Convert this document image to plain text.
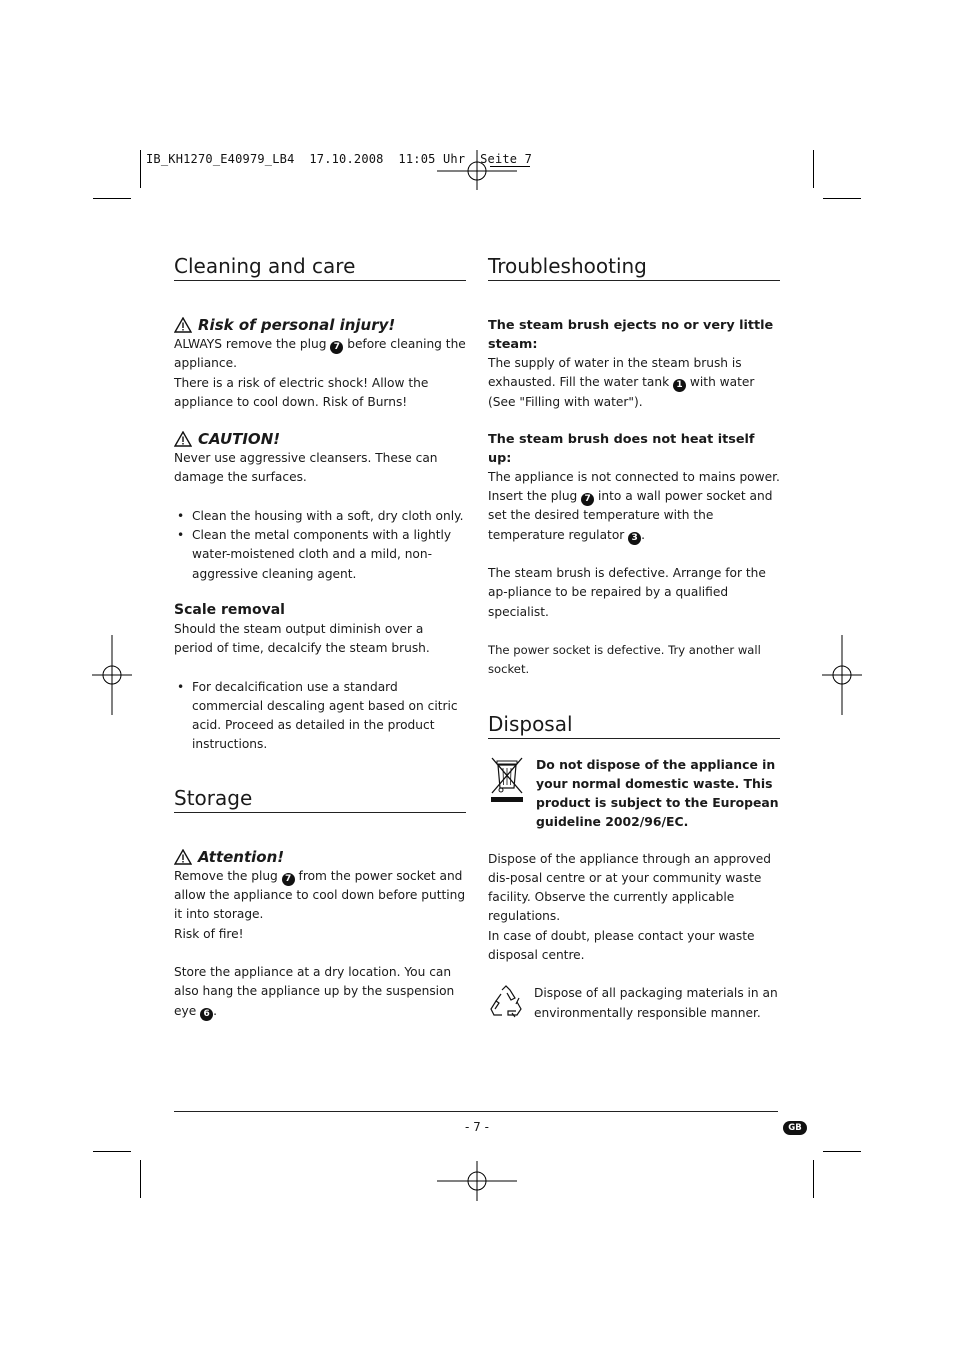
IB_KH1270_E40979_LB4  17.10.2008  11:05 Uhr  Seite 7
Cleaning and care
Risk of personal injury!

ALWAYS remove the plug 7 before cleaning the appliance.

There is a risk of electric shock! Allow the appliance to cool down. Risk of Burns!

CAUTION!

Never use aggressive cleansers. These can damage the surfaces.

• Clean the housing with a soft, dry cloth only.
• Clean the metal components with a lightly water-moistened cloth and a mild, non-aggressive cleaning agent.
Scale removal

Should the steam output diminish over a period of time, decalcify the steam brush.

• For decalcification use a standard commercial descaling agent based on citric acid. Proceed as detailed in the product instructions.
Storage
Attention!

Remove the plug 7 from the power socket and allow the appliance to cool down before putting it into storage.

Risk of fire!

Store the appliance at a dry location. You can also hang the appliance up by the suspension eye 6 .

Troubleshooting
The steam brush ejects no or very little steam:

The supply of water in the steam brush is exhausted. Fill the water tank 1 with water (See "Filling with water").

The steam brush does not heat itself up:

The appliance is not connected to mains power.

Insert the plug 7 into a wall power socket and set the desired temperature with the temperature regulator 3 .

The steam brush is defective. Arrange for the ap-pliance to be repaired by a qualified specialist.

The power socket is defective. Try another wall socket.

Disposal
Do not dispose of the appliance in your normal domestic waste. This product is subject to the European guideline 2002/96/EC.

Dispose of the appliance through an approved dis-posal centre or at your community waste facility. Observe the currently applicable regulations.

In case of doubt, please contact your waste disposal centre.

Dispose of all packaging materials in an environmentally responsible manner.

- 7 -	GB
